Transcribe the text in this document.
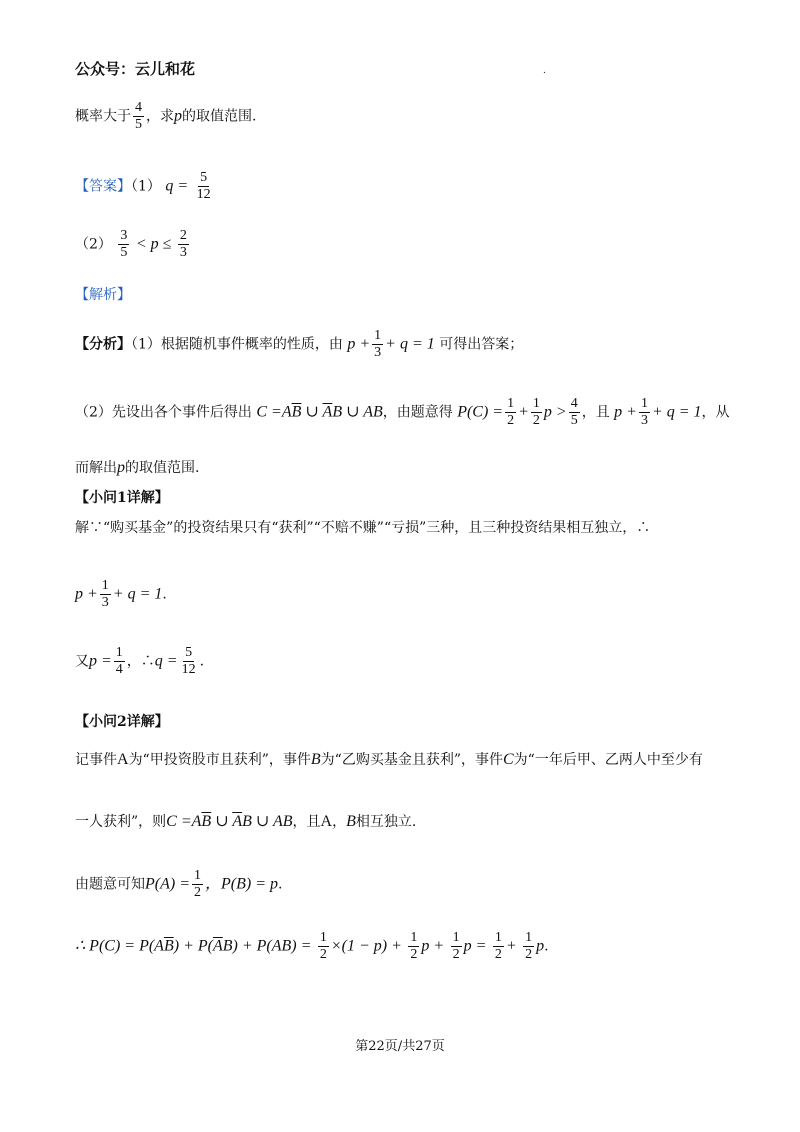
公众号：云儿和花	.
概率大于 $\frac{4}{5}$ ，求p的取值范围.
【答案】（1） $q = \frac{5}{12}$
$(2) \frac{3}{5} < p \le \frac{2}{3}$
【解析】
【分析】（1）根据随机事件概率的性质，由 $p + \frac{1}{3} + q = 1$ 可得出答案；
（2）先设出各个事件后得出 $C =A\overline{B}$ ∪ $\overline{A}B$ ∪ AB，由题意得 $P(C) = \frac{1}{2} + \frac{1}{2}$ $p > \frac{4}{5}$ ，且 $p + \frac{1}{3} + q = 1$，从
而解出p的取值范围.
【小问1详解】
解∵“购买基金”的投资结果只有“获利”“不赔不赚”“亏损”三种，且三种投资结果相互独立，∴
$p + \frac{1}{3} + q = 1$.
又$p = \frac{1}{4}$ ，∴q = $\frac{5}{12}$ .
【小问2详解】
记事件A为“甲投资股市且获利”，事件B为“乙购买基金且获利”，事件C为“一年后甲、乙两人中至少有
一人获利”，则$C =A\overline{B}$ ∪ $\overline{A}B$ ∪ AB，且A，B相互独立.
由题意可知$P(A) = \frac{1}{2}$ ，P(B) = p.
∴ $P(C) = P(A\overline{B}) + P(\overline{A}B) + P(AB) = \frac{1}{2} \times(1 - p) + \frac{1}{2}$ $p + \frac{1}{2}$ $p = \frac{1}{2} + \frac{1}{2} p$.
第22页/共27页
